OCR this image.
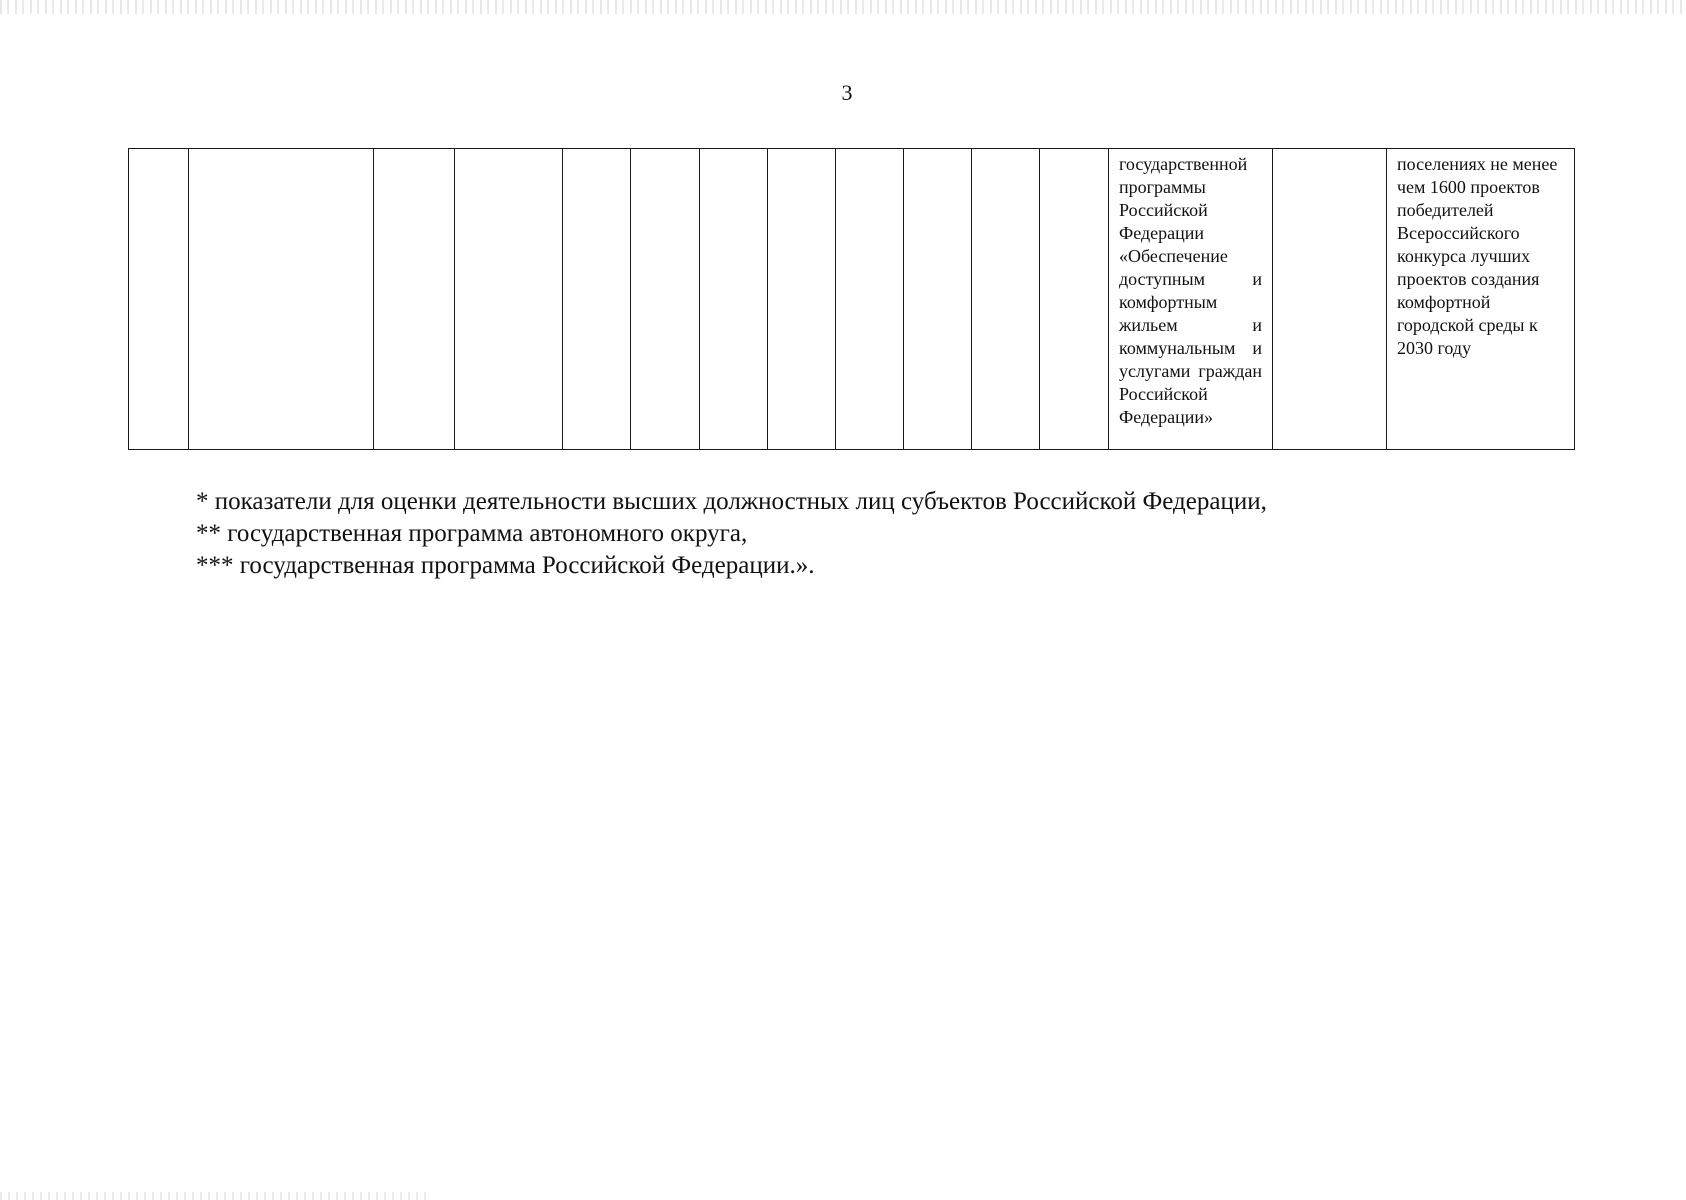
3
												государственной программы Российской Федерации «Обеспечение доступным и комфортным жильем и коммунальным и услугами граждан Российской Федерации»		поселениях не менее чем 1600 проектов победителей Всероссийского конкурса лучших проектов создания комфортной городской среды к 2030 году
* показатели для оценки деятельности высших должностных лиц субъектов Российской Федерации,
** государственная программа автономного округа,
*** государственная программа Российской Федерации.».
